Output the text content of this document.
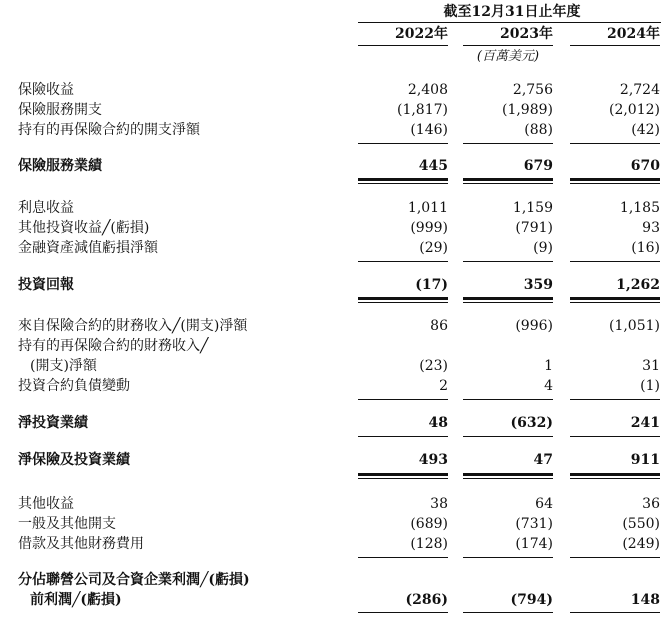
截至12月31日止年度
2022年	2023年	2024年
(百萬美元)
保險收益	2,408	2,756	2,724
保險服務開支	(1,817)	(1,989)	(2,012)
持有的再保險合約的開支淨額	(146)	(88)	(42)
保險服務業績	445	679	670
利息收益	1,011	1,159	1,185
其他投資收益╱(虧損)	(999)	(791)	93
金融資產減值虧損淨額	(29)	(9)	(16)
投資回報	(17)	359	1,262
來自保險合約的財務收入╱(開支)淨額	86	(996)	(1,051)
持有的再保險合約的財務收入╱
(開支)淨額	(23)	1	31
投資合約負債變動	2	4	(1)
淨投資業績	48	(632)	241
淨保險及投資業績	493	47	911
其他收益	38	64	36
一般及其他開支	(689)	(731)	(550)
借款及其他財務費用	(128)	(174)	(249)
分佔聯營公司及合資企業利潤╱(虧損)
前利潤╱(虧損)	(286)	(794)	148
